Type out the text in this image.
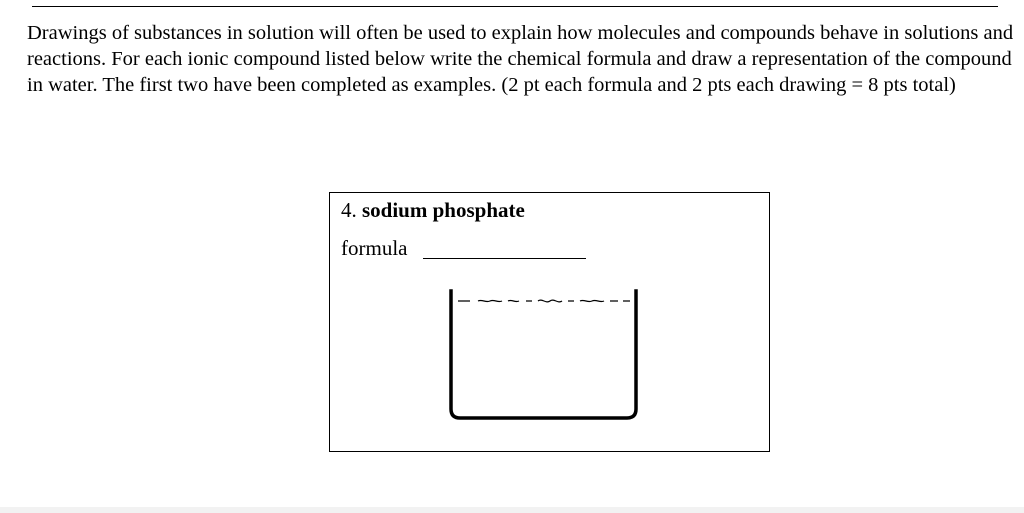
Drawings of substances in solution will often be used to explain how molecules and compounds behave in solutions and reactions. For each ionic compound listed below write the chemical formula and draw a representation of the compound in water. The first two have been completed as examples. (2 pt each formula and 2 pts each drawing = 8 pts total)

4. sodium phosphate
formula
